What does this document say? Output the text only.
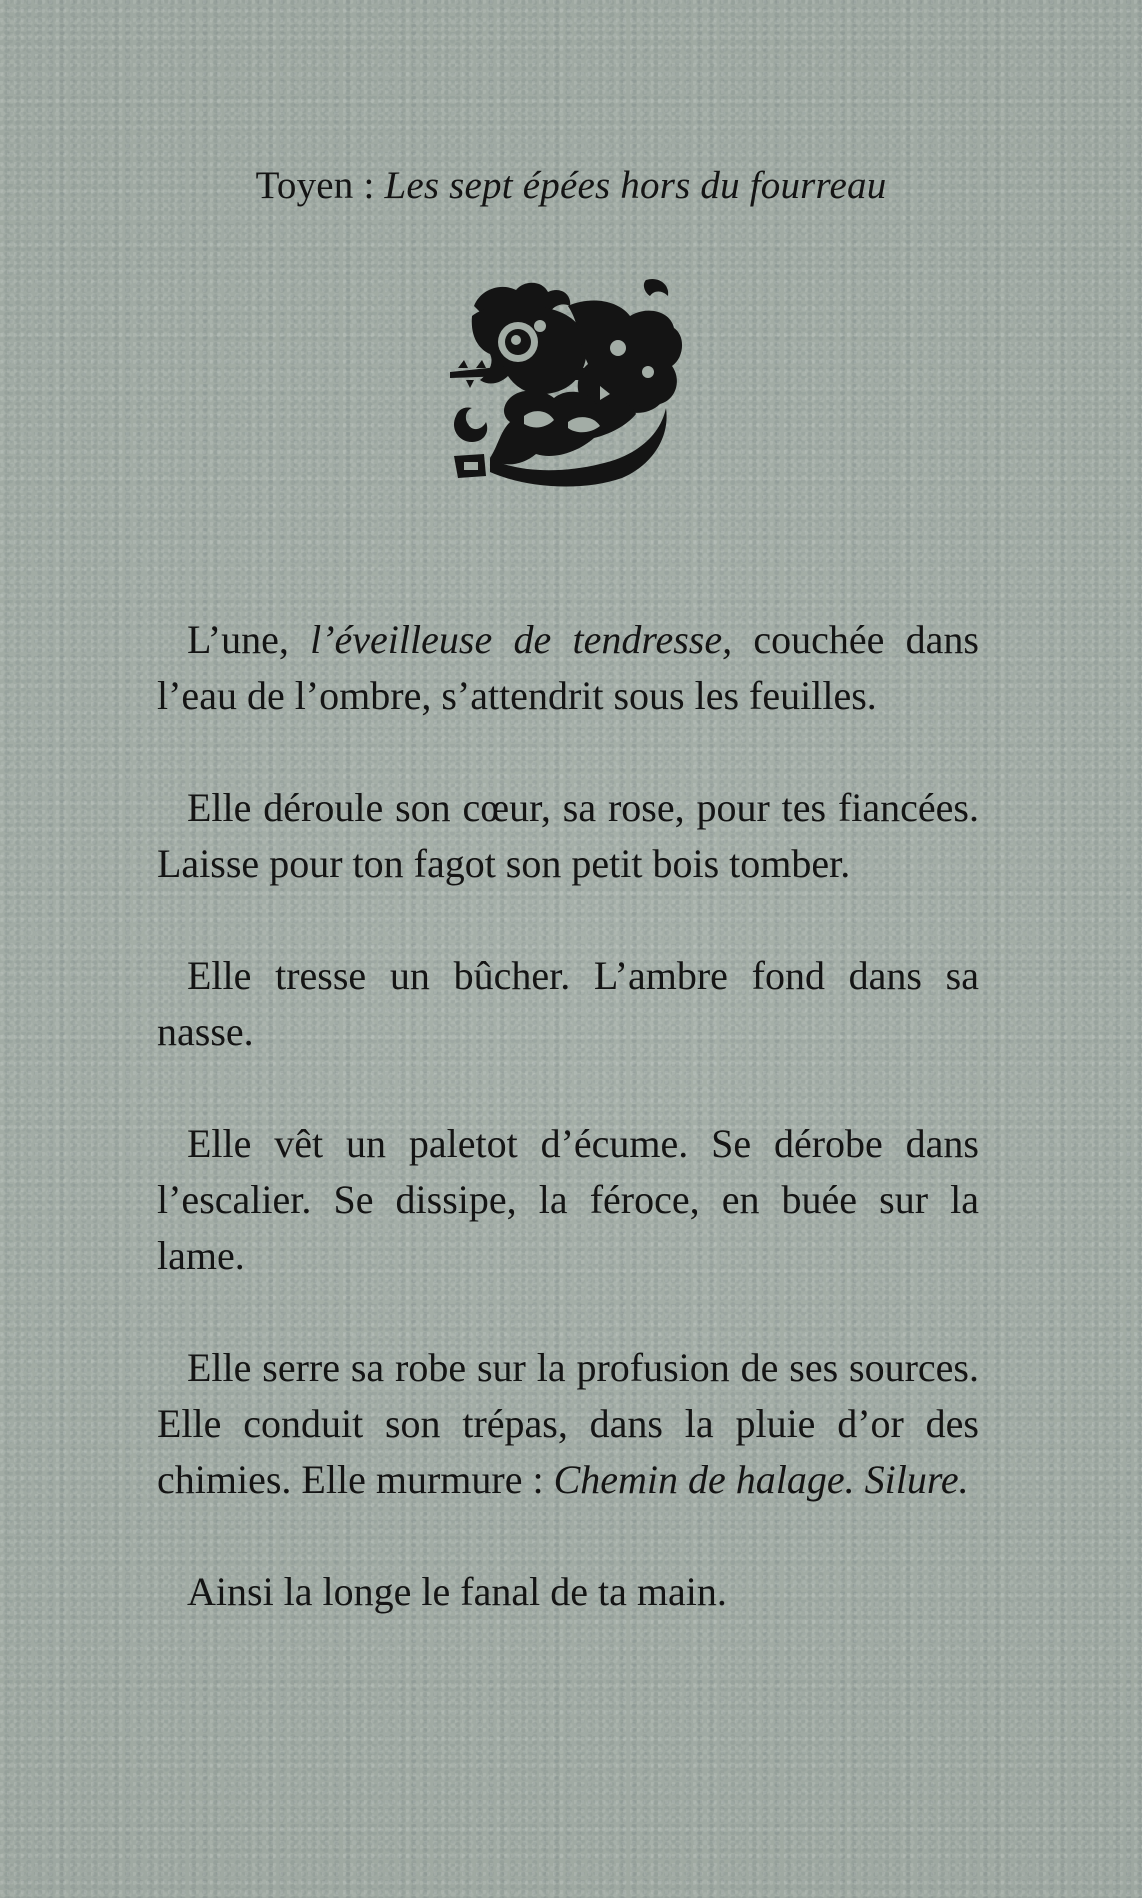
Toyen : Les sept épées hors du fourreau

L’une, l’éveilleuse de tendresse, couchée dans l’eau de l’ombre, s’attendrit sous les feuilles.

Elle déroule son cœur, sa rose, pour tes fiancées. Laisse pour ton fagot son petit bois tomber.

Elle tresse un bûcher. L’ambre fond dans sa nasse.

Elle vêt un paletot d’écume. Se dérobe dans l’escalier. Se dissipe, la féroce, en buée sur la lame.

Elle serre sa robe sur la profusion de ses sources. Elle conduit son trépas, dans la pluie d’or des chimies. Elle murmure : Chemin de halage. Silure.

Ainsi la longe le fanal de ta main.
